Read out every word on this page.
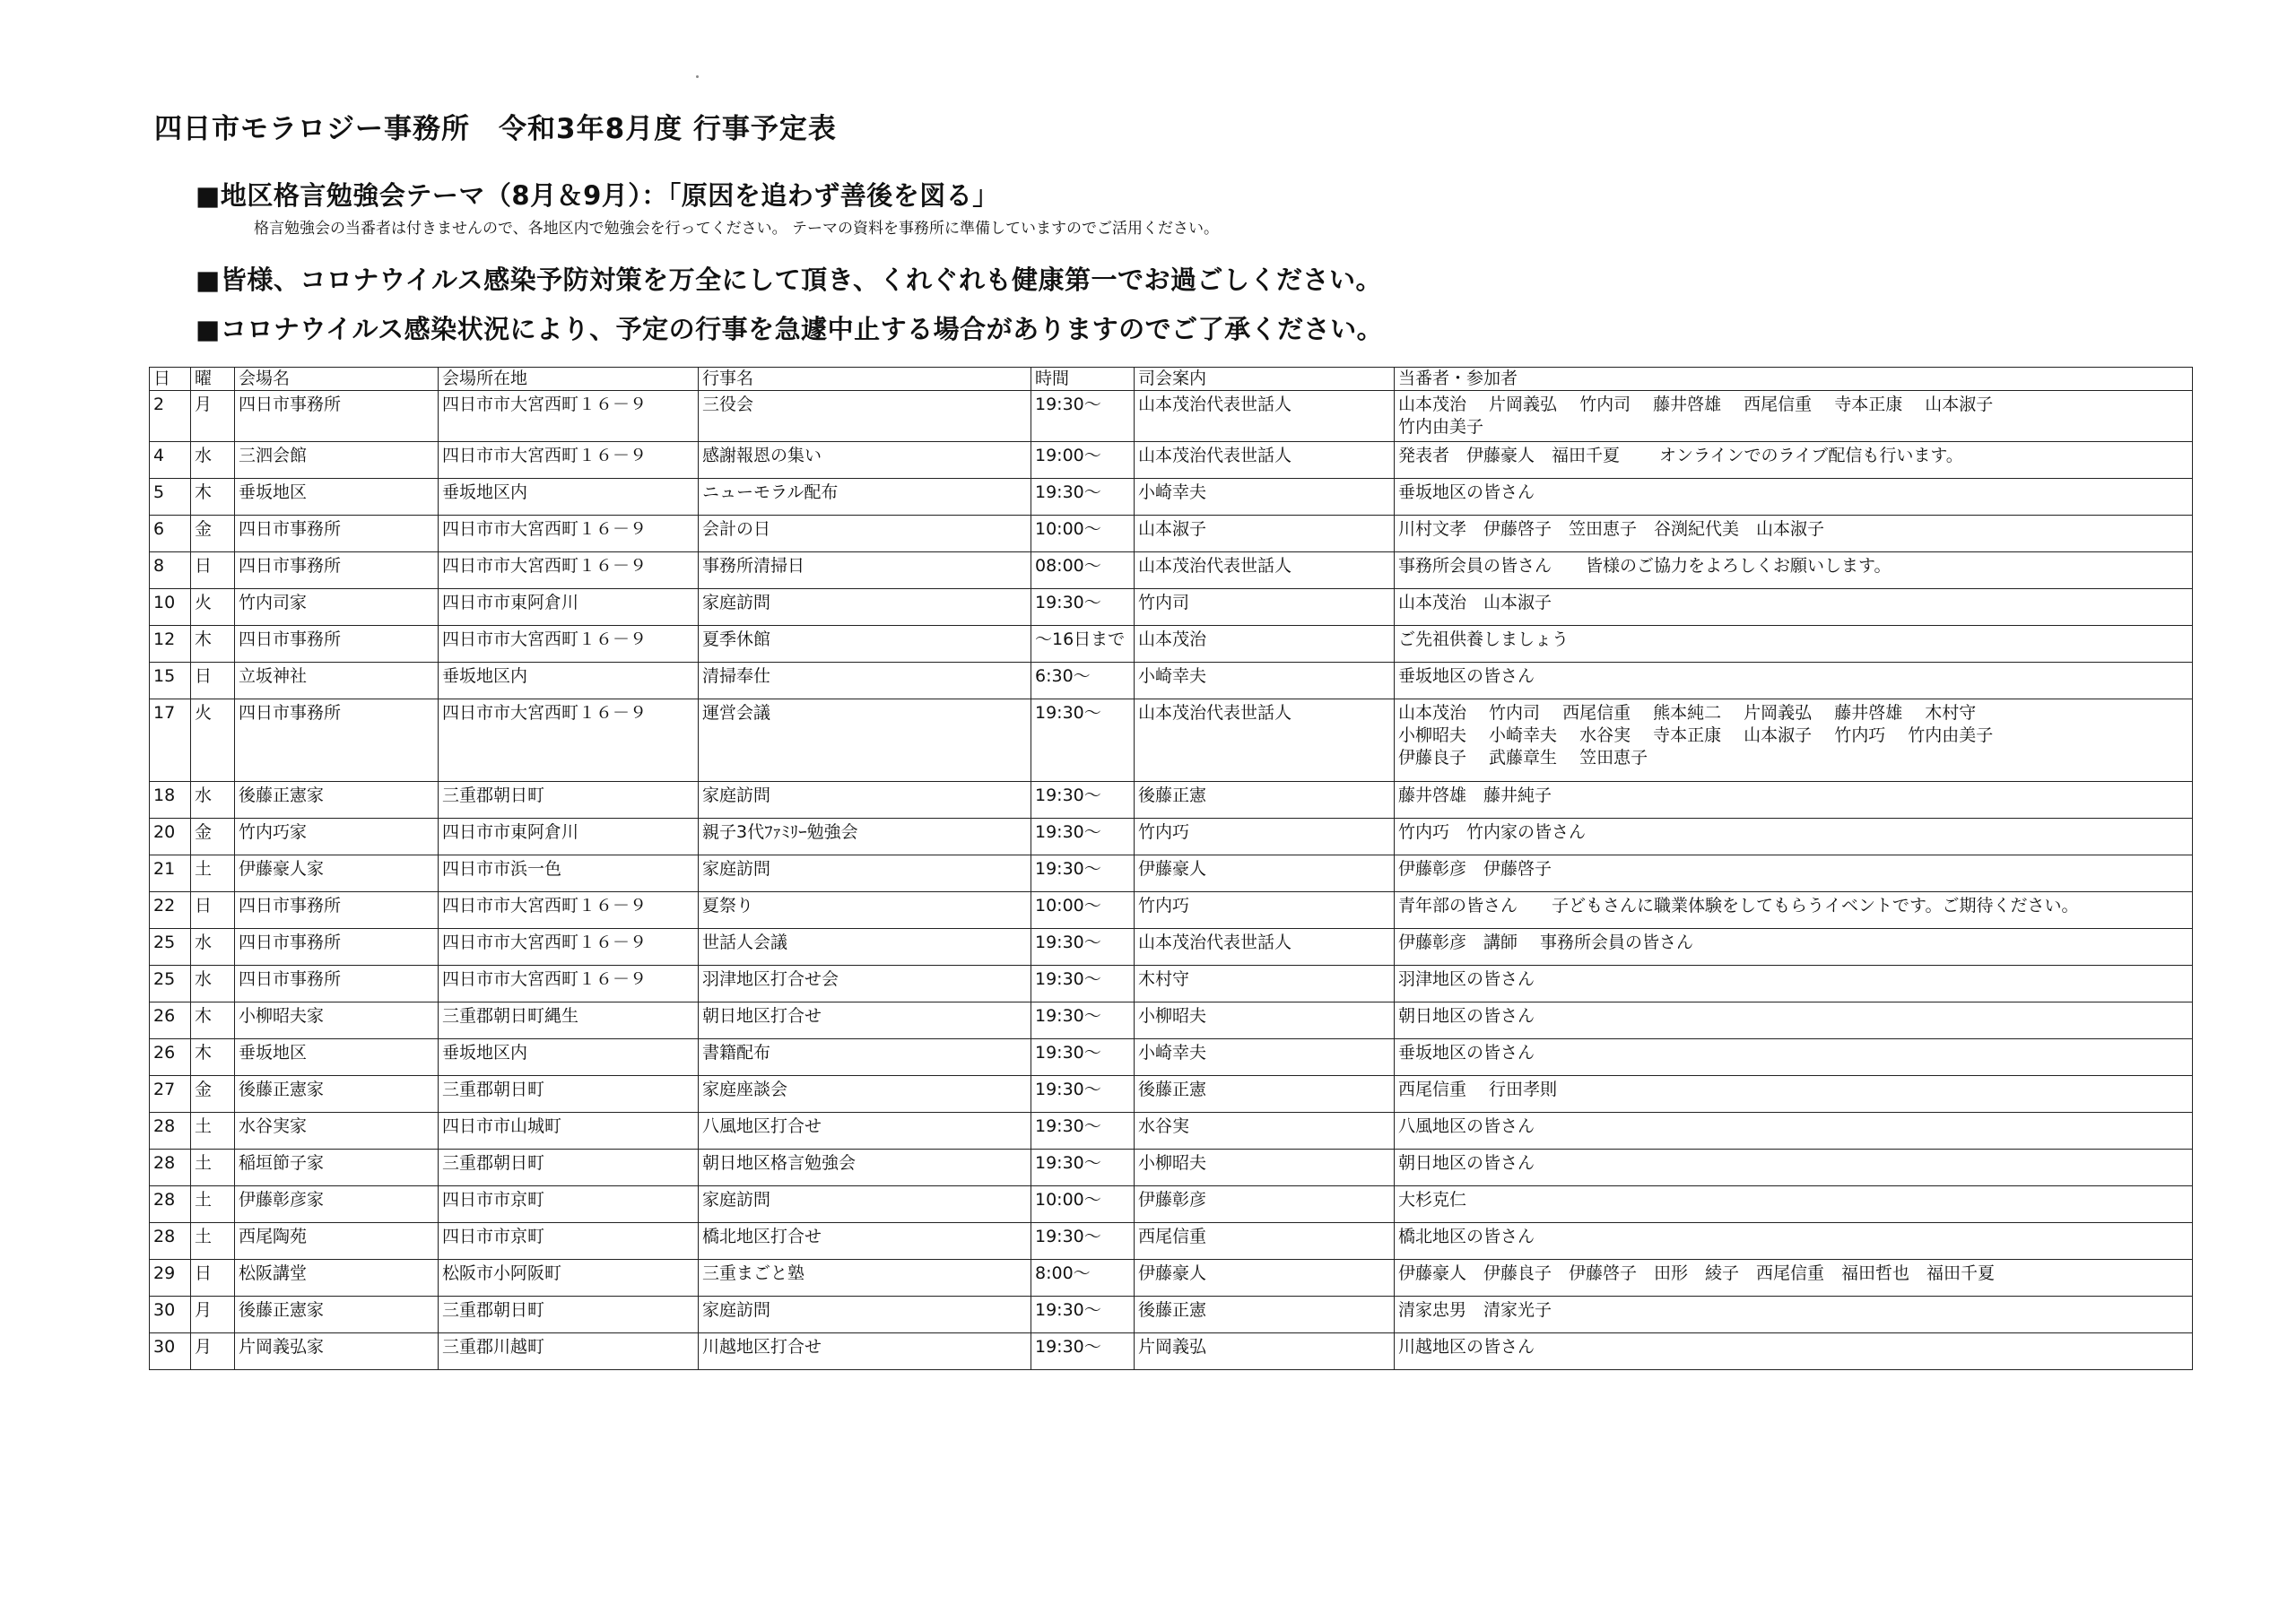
四日市モラロジー事務所　令和3年8月度 行事予定表
■地区格言勉強会テーマ（8月＆9月）：「原因を追わず善後を図る」
格言勉強会の当番者は付きませんので、各地区内で勉強会を行ってください。 テーマの資料を事務所に準備していますのでご活用ください。
■皆様、コロナウイルス感染予防対策を万全にして頂き、くれぐれも健康第一でお過ごしください。
■コロナウイルス感染状況により、予定の行事を急遽中止する場合がありますのでご了承ください。
日	曜	会場名	会場所在地	行事名	時間	司会案内	当番者・参加者
2	月	四日市事務所	四日市市大宮西町１６－９	三役会	19:30～	山本茂治代表世話人	山本茂治　 片岡義弘　 竹内司　 藤井啓雄　 西尾信重　 寺本正康　 山本淑子
竹内由美子

4	水	三泗会館	四日市市大宮西町１６－９	感謝報恩の集い	19:00～	山本茂治代表世話人	発表者　伊藤豪人　福田千夏　　 オンラインでのライブ配信も行います。

5	木	垂坂地区	垂坂地区内	ニューモラル配布	19:30～	小崎幸夫	垂坂地区の皆さん

6	金	四日市事務所	四日市市大宮西町１６－９	会計の日	10:00～	山本淑子	川村文孝　伊藤啓子　笠田恵子　谷渕紀代美　山本淑子

8	日	四日市事務所	四日市市大宮西町１６－９	事務所清掃日	08:00～	山本茂治代表世話人	事務所会員の皆さん　　皆様のご協力をよろしくお願いします。

10	火	竹内司家	四日市市東阿倉川	家庭訪問	19:30～	竹内司	山本茂治　山本淑子

12	木	四日市事務所	四日市市大宮西町１６－９	夏季休館	～16日まで	山本茂治	ご先祖供養しましょう

15	日	立坂神社	垂坂地区内	清掃奉仕	6:30～	小崎幸夫	垂坂地区の皆さん

17	火	四日市事務所	四日市市大宮西町１６－９	運営会議	19:30～	山本茂治代表世話人	山本茂治　 竹内司　 西尾信重　 熊本純二　 片岡義弘　 藤井啓雄　 木村守
小柳昭夫　 小崎幸夫　 水谷実　 寺本正康　 山本淑子　 竹内巧　 竹内由美子
伊藤良子　 武藤章生　 笠田恵子

18	水	後藤正憲家	三重郡朝日町	家庭訪問	19:30～	後藤正憲	藤井啓雄　藤井純子

20	金	竹内巧家	四日市市東阿倉川	親子3代ﾌｧﾐﾘｰ勉強会	19:30～	竹内巧	竹内巧　竹内家の皆さん

21	土	伊藤豪人家	四日市市浜一色	家庭訪問	19:30～	伊藤豪人	伊藤彰彦　伊藤啓子

22	日	四日市事務所	四日市市大宮西町１６－９	夏祭り	10:00～	竹内巧	青年部の皆さん　　子どもさんに職業体験をしてもらうイベントです。ご期待ください。

25	水	四日市事務所	四日市市大宮西町１６－９	世話人会議	19:30～	山本茂治代表世話人	伊藤彰彦　講師　 事務所会員の皆さん

25	水	四日市事務所	四日市市大宮西町１６－９	羽津地区打合せ会	19:30～	木村守	羽津地区の皆さん

26	木	小柳昭夫家	三重郡朝日町縄生	朝日地区打合せ	19:30～	小柳昭夫	朝日地区の皆さん

26	木	垂坂地区	垂坂地区内	書籍配布	19:30～	小崎幸夫	垂坂地区の皆さん

27	金	後藤正憲家	三重郡朝日町	家庭座談会	19:30～	後藤正憲	西尾信重　 行田孝則

28	土	水谷実家	四日市市山城町	八風地区打合せ	19:30～	水谷実	八風地区の皆さん

28	土	稲垣節子家	三重郡朝日町	朝日地区格言勉強会	19:30～	小柳昭夫	朝日地区の皆さん

28	土	伊藤彰彦家	四日市市京町	家庭訪問	10:00～	伊藤彰彦	大杉克仁

28	土	西尾陶苑	四日市市京町	橋北地区打合せ	19:30～	西尾信重	橋北地区の皆さん

29	日	松阪講堂	松阪市小阿阪町	三重まごと塾	8:00～	伊藤豪人	伊藤豪人　伊藤良子　伊藤啓子　田形　綾子　西尾信重　福田哲也　福田千夏

30	月	後藤正憲家	三重郡朝日町	家庭訪問	19:30～	後藤正憲	清家忠男　清家光子

30	月	片岡義弘家	三重郡川越町	川越地区打合せ	19:30～	片岡義弘	川越地区の皆さん
